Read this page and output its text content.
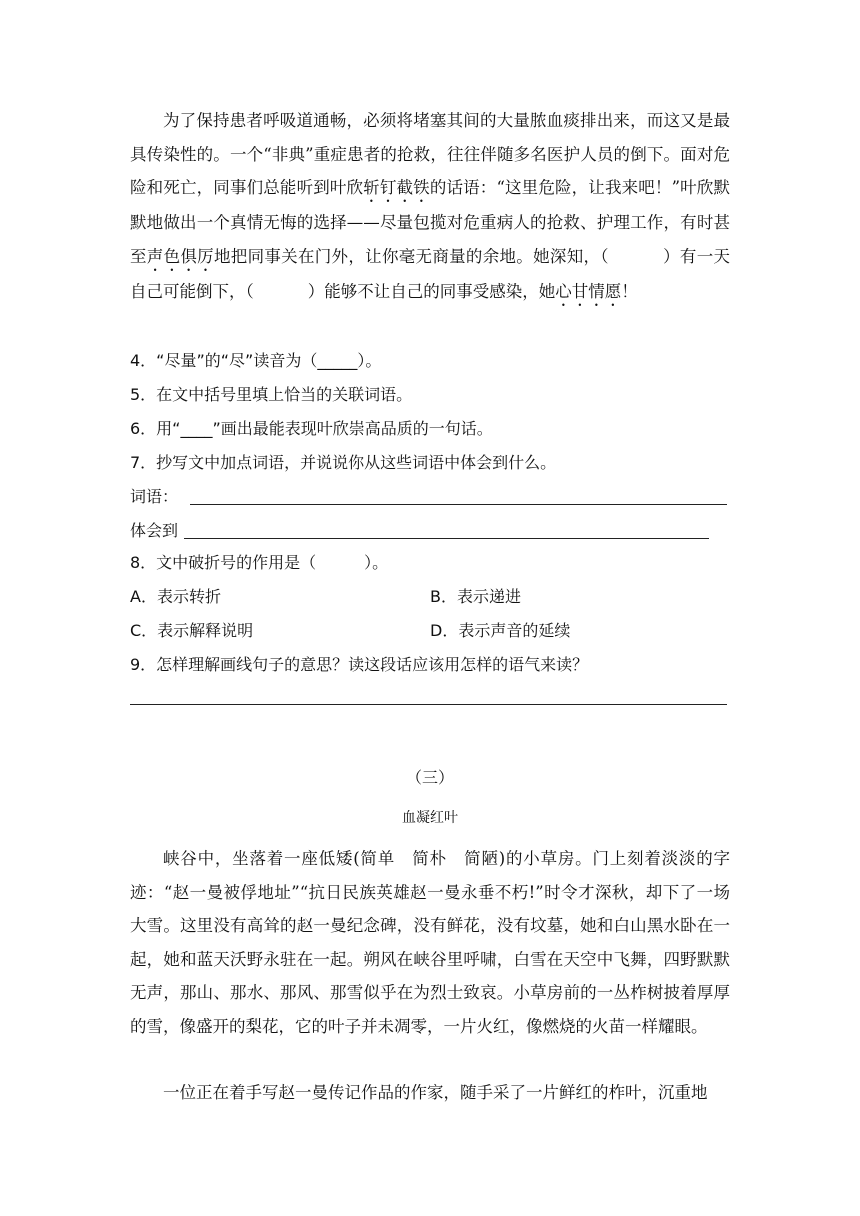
为了保持患者呼吸道通畅，必须将堵塞其间的大量脓血痰排出来，而这又是最具传染性的。一个“非典”重症患者的抢救，往往伴随多名医护人员的倒下。面对危险和死亡，同事们总能听到叶欣斩钉截铁的话语：“这里危险，让我来吧！”叶欣默默地做出一个真情无悔的选择——尽量包揽对危重病人的抢救、护理工作，有时甚至声色俱厉地把同事关在门外，让你毫无商量的余地。她深知，（	）有一天自己可能倒下，（	）能够不让自己的同事受感染，她心甘情愿！

4．“尽量”的“尽”读音为（_____）。

5．在文中括号里填上恰当的关联词语。

6．用“____”画出最能表现叶欣崇高品质的一句话。

7．抄写文中加点词语，并说说你从这些词语中体会到什么。

词语：

体会到

8．文中破折号的作用是（　　　）。

A．表示转折	B．表示递进

C．表示解释说明	D．表示声音的延续

9．怎样理解画线句子的意思？读这段话应该用怎样的语气来读？

（三）

血凝红叶

峡谷中，坐落着一座低矮(简单　简朴　简陋)的小草房。门上刻着淡淡的字迹：“赵一曼被俘地址”“抗日民族英雄赵一曼永垂不朽!”时令才深秋，却下了一场大雪。这里没有高耸的赵一曼纪念碑，没有鲜花，没有坟墓，她和白山黑水卧在一起，她和蓝天沃野永驻在一起。朔风在峡谷里呼啸，白雪在天空中飞舞，四野默默无声，那山、那水、那风、那雪似乎在为烈士致哀。小草房前的一丛柞树披着厚厚的雪，像盛开的梨花，它的叶子并未凋零，一片火红，像燃烧的火苗一样耀眼。

一位正在着手写赵一曼传记作品的作家，随手采了一片鲜红的柞叶，沉重地
